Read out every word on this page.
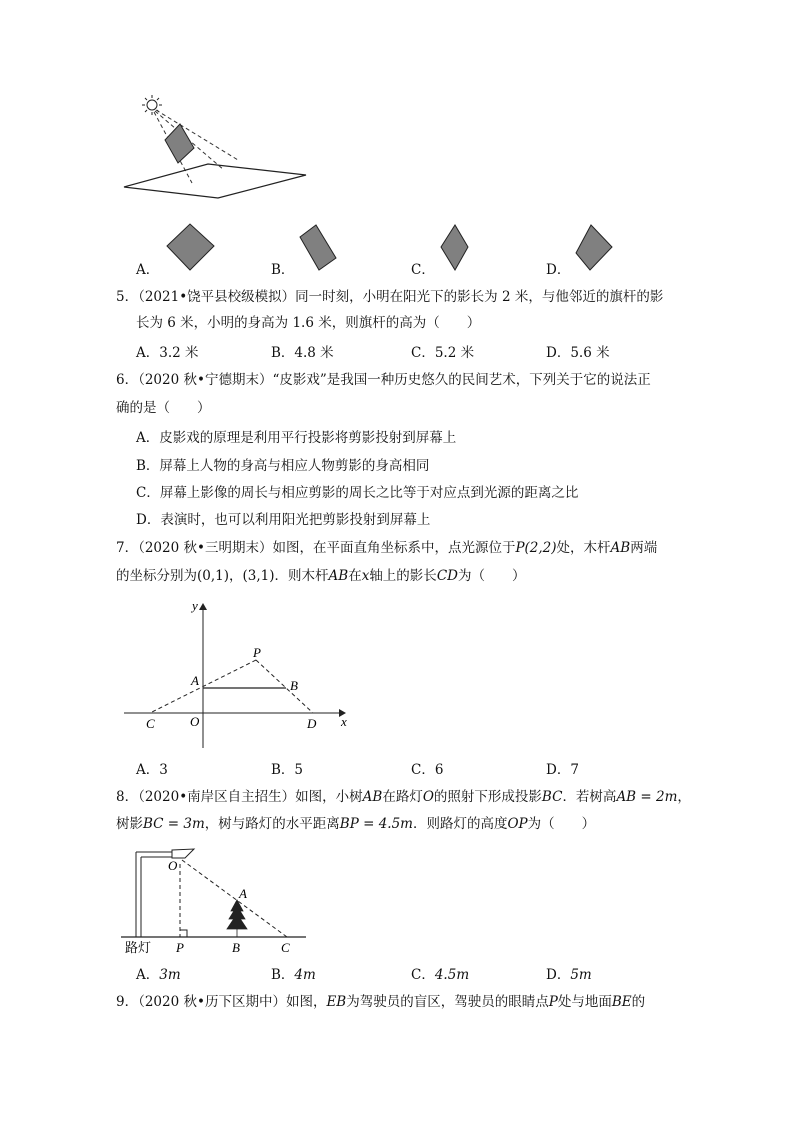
A．	B．	C．	D．
5．（2021•饶平县校级模拟）同一时刻，小明在阳光下的影长为 2 米，与他邻近的旗杆的影
长为 6 米，小明的身高为 1.6 米，则旗杆的高为（　　）
A．3.2 米	B．4.8 米	C．5.2 米	D．5.6 米
6．（2020 秋•宁德期末）“皮影戏”是我国一种历史悠久的民间艺术，下列关于它的说法正
确的是（　　）
A．皮影戏的原理是利用平行投影将剪影投射到屏幕上
B．屏幕上人物的身高与相应人物剪影的身高相同
C．屏幕上影像的周长与相应剪影的周长之比等于对应点到光源的距离之比
D．表演时，也可以利用阳光把剪影投射到屏幕上
7．（2020 秋•三明期末）如图，在平面直角坐标系中，点光源位于P(2,2)处，木杆AB两端
的坐标分别为(0,1)，(3,1)．则木杆AB在x轴上的影长CD为（　　）
y
x
P
A	B
C	O	D
A．3	B．5	C．6	D．7
8．（2020•南岸区自主招生）如图，小树AB在路灯O的照射下形成投影BC．若树高AB = 2m，
树影BC = 3m，树与路灯的水平距离BP = 4.5m．则路灯的高度OP为（　　）
O
A
路灯 P	B	C
A．3m	B．4m	C．4.5m	D．5m
9．（2020 秋•历下区期中）如图，EB为驾驶员的盲区，驾驶员的眼睛点P处与地面BE的
